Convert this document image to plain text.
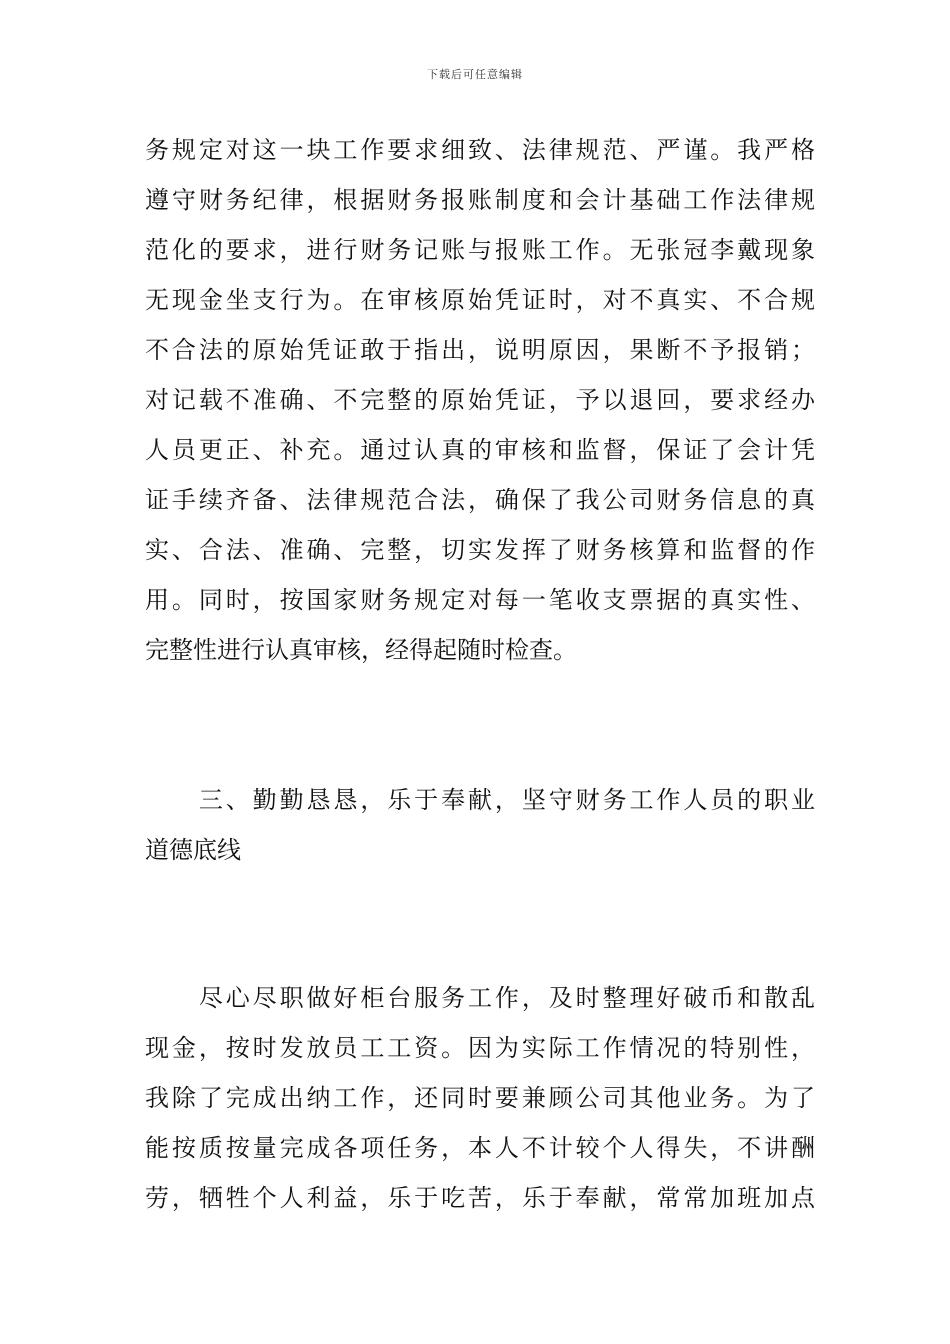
下载后可任意编辑
务规定对这一块工作要求细致、法律规范、严谨。我严格
遵守财务纪律，根据财务报账制度和会计基础工作法律规
范化的要求，进行财务记账与报账工作。无张冠李戴现象
无现金坐支行为。在审核原始凭证时，对不真实、不合规
不合法的原始凭证敢于指出，说明原因，果断不予报销；
对记载不准确、不完整的原始凭证，予以退回，要求经办
人员更正、补充。通过认真的审核和监督，保证了会计凭
证手续齐备、法律规范合法，确保了我公司财务信息的真
实、合法、准确、完整，切实发挥了财务核算和监督的作
用。同时，按国家财务规定对每一笔收支票据的真实性、
完整性进行认真审核，经得起随时检查。
　　三、勤勤恳恳，乐于奉献，坚守财务工作人员的职业
道德底线
　　尽心尽职做好柜台服务工作，及时整理好破币和散乱
现金，按时发放员工工资。因为实际工作情况的特别性，
我除了完成出纳工作，还同时要兼顾公司其他业务。为了
能按质按量完成各项任务，本人不计较个人得失，不讲酬
劳，牺牲个人利益，乐于吃苦，乐于奉献，常常加班加点
